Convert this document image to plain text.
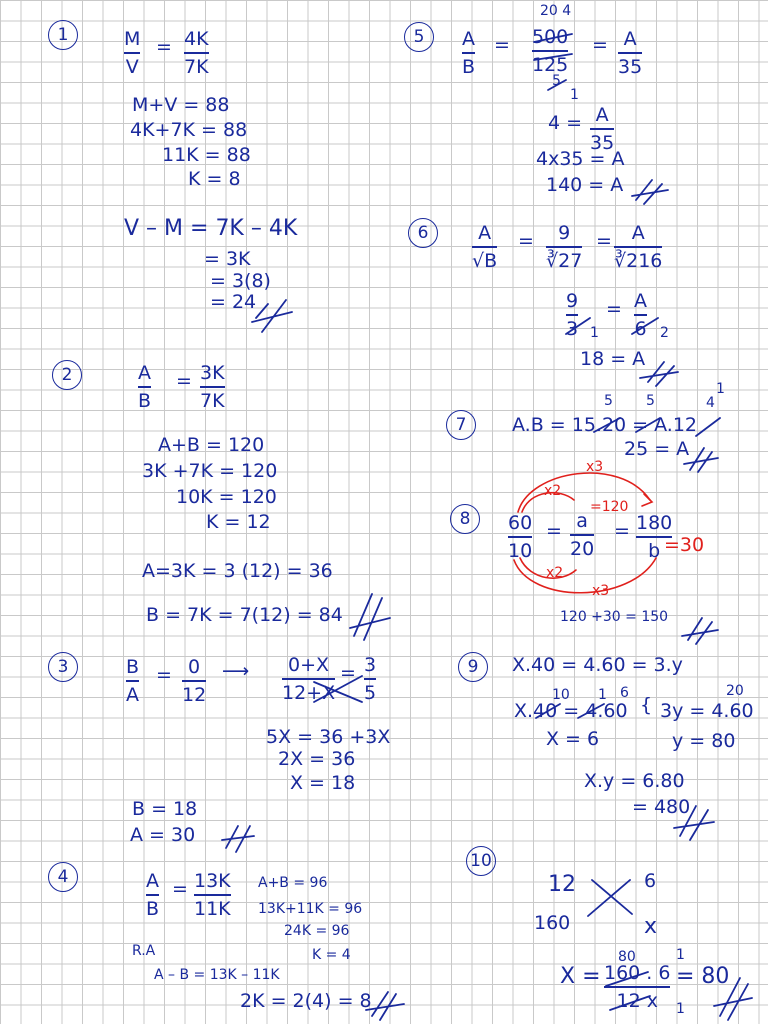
1	M
V
= 4K
7K
M+V = 88
4K+7K = 88
11K = 88
K = 8
V – M = 7K – 4K
= 3K
= 3(8)
= 24
2	A
B
= 3K
7K
A+B = 120
3K +7K = 120
10K = 120
K = 12
A=3K = 3 (12) = 36
B = 7K = 7(12) = 84
3	B
A
= 0
12
⟶ 0+X
12+X
= 3
5
5X = 36 +3X
2X = 36
X = 18
B = 18
A = 30
4	A
B
= 13K
11K
A+B = 96
13K+11K = 96
24K = 96
K = 4
R.A
A – B = 13K – 11K
2K = 2(4) = 8
5	A
B
=
20 4
500
125
5
= A
35
1
4 = A
35
4x35 = A
140 = A
6	A
√B
= 9
∛27
= A
∛216
9
3 1
= A
6 2
18 = A
7
5 5
1
4
A.B = 15.20 = A.12
25 = A
8	60
10
= a
20
=120
= 180
b =30
x2
x3
x2
x3
120 +30 = 150
9	X.40 = 4.60 = 3.y
10 1 6	20
X.40 = 4.60 { 3y = 4.60
X = 6	y = 80
X.y = 6.80
= 480
10
12	6
160	x
X =
80	1
1
160 . 6
12 x
= 80
